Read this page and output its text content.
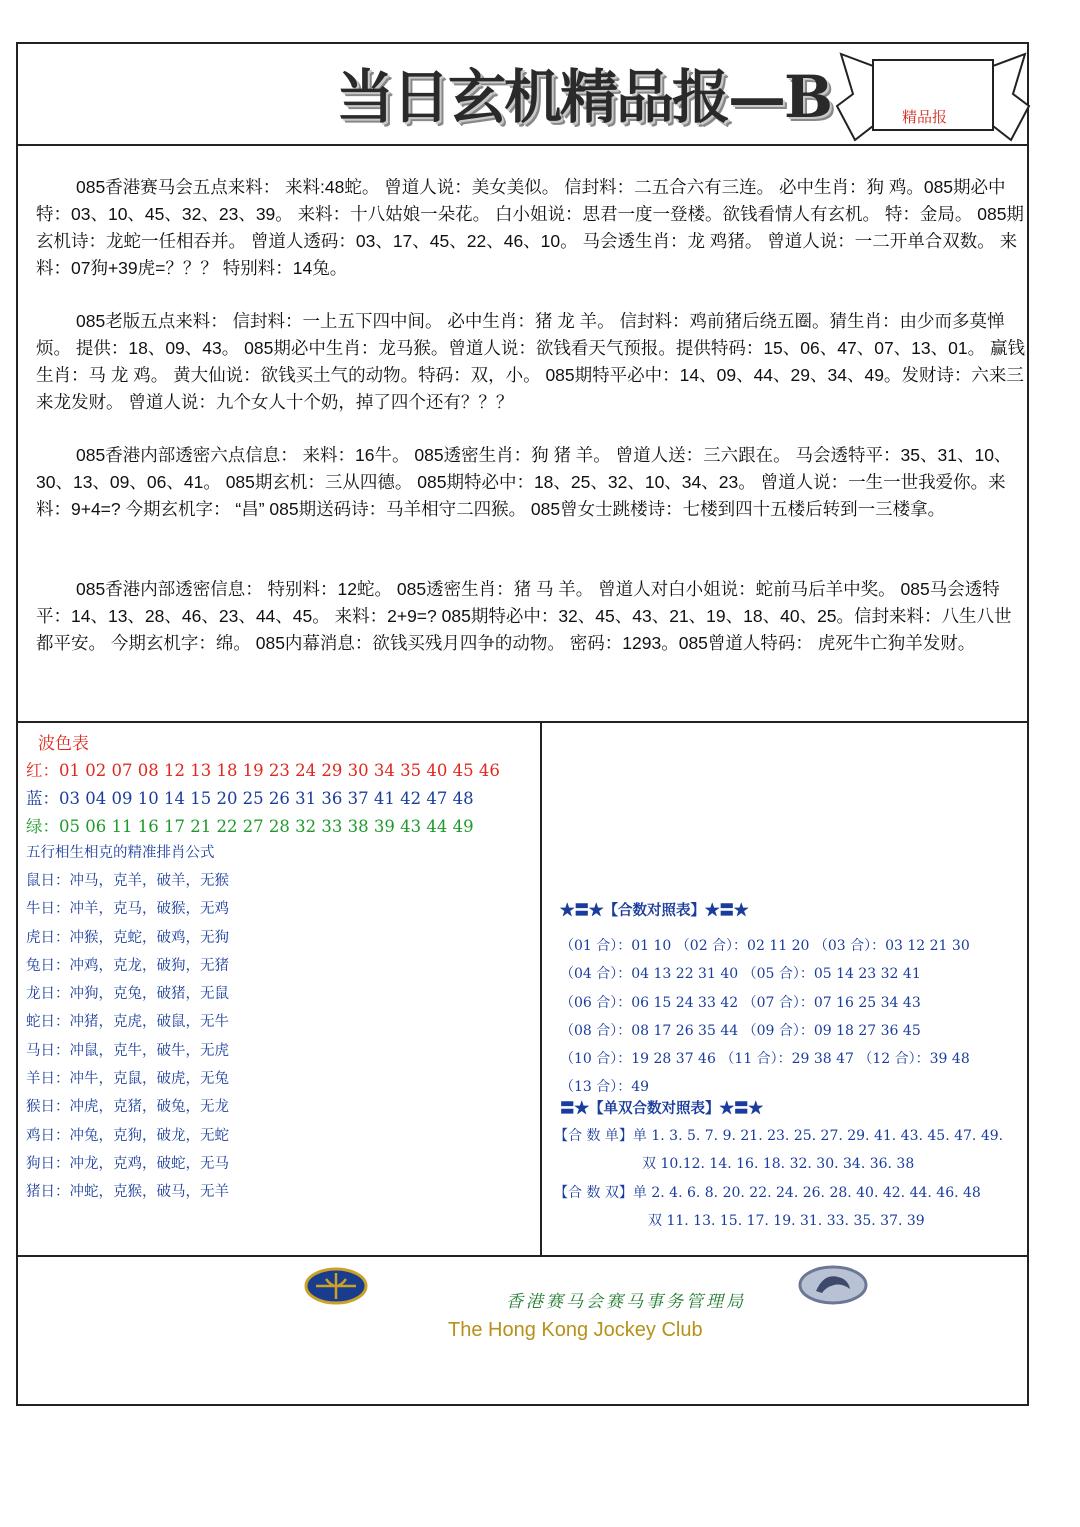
当日玄机精品报—B	精品报

085香港赛马会五点来料： 来料:48蛇。 曾道人说：美女美似。 信封料：二五合六有三连。 必中生肖：狗 鸡。085期必中特：03、10、45、32、23、39。 来料：十八姑娘一朵花。 白小姐说：思君一度一登楼。欲钱看情人有玄机。 特：金局。 085期玄机诗：龙蛇一任相吞并。 曾道人透码：03、17、45、22、46、10。 马会透生肖：龙 鸡猪。 曾道人说：一二开单合双数。 来料：07狗+39虎=？？？ 特别料：14兔。

085老版五点来料： 信封料：一上五下四中间。 必中生肖：猪 龙 羊。 信封料：鸡前猪后绕五圈。猜生肖：由少而多莫惮烦。 提供：18、09、43。 085期必中生肖：龙马猴。曾道人说：欲钱看天气预报。提供特码：15、06、47、07、13、01。 赢钱生肖：马 龙 鸡。 黄大仙说：欲钱买土气的动物。特码：双，小。 085期特平必中：14、09、44、29、34、49。发财诗：六来三来龙发财。 曾道人说：九个女人十个奶，掉了四个还有？？？

085香港内部透密六点信息： 来料：16牛。 085透密生肖：狗 猪 羊。 曾道人送：三六跟在。 马会透特平：35、31、10、30、13、09、06、41。 085期玄机：三从四德。 085期特必中：18、25、32、10、34、23。 曾道人说：一生一世我爱你。来料：9+4=? 今期玄机字： “昌” 085期送码诗：马羊相守二四猴。 085曾女士跳楼诗：七楼到四十五楼后转到一三楼拿。

085香港内部透密信息： 特别料：12蛇。 085透密生肖：猪 马 羊。 曾道人对白小姐说：蛇前马后羊中奖。 085马会透特平：14、13、28、46、23、44、45。 来料：2+9=? 085期特必中：32、45、43、21、19、18、40、25。信封来料：八生八世都平安。 今期玄机字：绵。 085内幕消息：欲钱买残月四争的动物。 密码：1293。085曾道人特码： 虎死牛亡狗羊发财。

波色表
红：01 02 07 08 12 13 18 19 23 24 29 30 34 35 40 45 46
蓝：03 04 09 10 14 15 20 25 26 31 36 37 41 42 47 48
绿：05 06 11 16 17 21 22 27 28 32 33 38 39 43 44 49
五行相生相克的精准排肖公式
鼠日：冲马，克羊，破羊，无猴
牛日：冲羊，克马，破猴，无鸡
虎日：冲猴，克蛇，破鸡，无狗
兔日：冲鸡，克龙，破狗，无猪
龙日：冲狗，克兔，破猪，无鼠
蛇日：冲猪，克虎，破鼠，无牛
马日：冲鼠，克牛，破牛，无虎
羊日：冲牛，克鼠，破虎，无兔
猴日：冲虎，克猪，破兔，无龙
鸡日：冲兔，克狗，破龙，无蛇
狗日：冲龙，克鸡，破蛇，无马
猪日：冲蛇，克猴，破马，无羊
★〓★【合数对照表】★〓★
（01 合）：01 10 （02 合）：02 11 20 （03 合）：03 12 21 30
（04 合）：04 13 22 31 40 （05 合）：05 14 23 32 41
（06 合）：06 15 24 33 42 （07 合）：07 16 25 34 43
（08 合）：08 17 26 35 44 （09 合）：09 18 27 36 45
（10 合）：19 28 37 46 （11 合）：29 38 47 （12 合）：39 48
（13 合）：49
〓★【单双合数对照表】★〓★
【合 数 单】单 1. 3. 5. 7. 9. 21. 23. 25. 27. 29. 41. 43. 45. 47. 49.
双 10.12. 14. 16. 18. 32. 30. 34. 36. 38
【合 数 双】单 2. 4. 6. 8. 20. 22. 24. 26. 28. 40. 42. 44. 46. 48
双 11. 13. 15. 17. 19. 31. 33. 35. 37. 39
香港赛马会赛马事务管理局
The Hong Kong Jockey Club
